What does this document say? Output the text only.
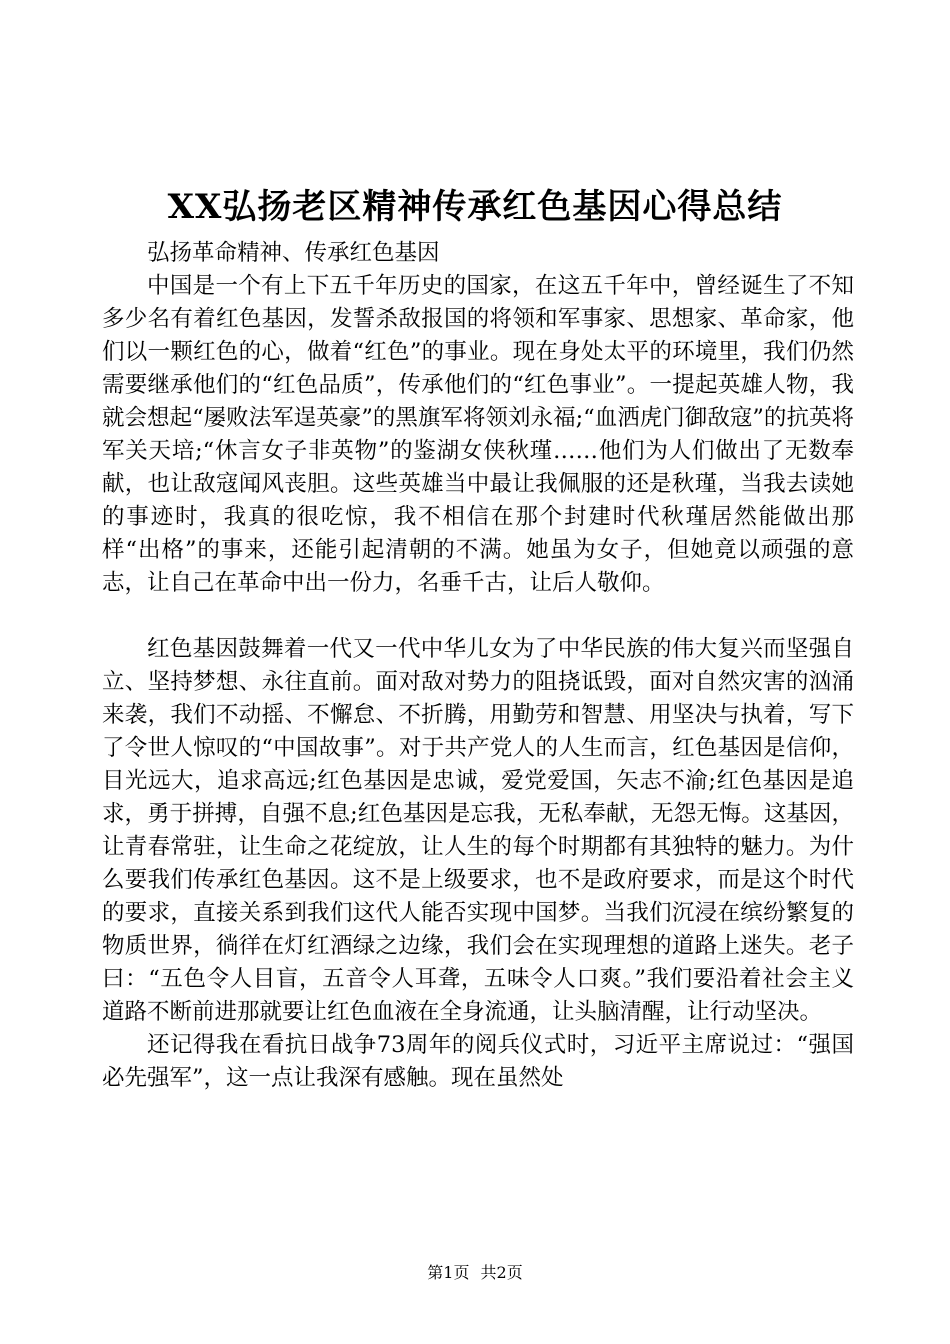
XX弘扬老区精神传承红色基因心得总结

弘扬革命精神、传承红色基因

中国是一个有上下五千年历史的国家，在这五千年中，曾经诞生了不知多少名有着红色基因，发誓杀敌报国的将领和军事家、思想家、革命家，他们以一颗红色的心，做着“红色”的事业。现在身处太平的环境里，我们仍然需要继承他们的“红色品质”，传承他们的“红色事业”。一提起英雄人物，我就会想起“屡败法军逞英豪”的黑旗军将领刘永福;“血洒虎门御敌寇”的抗英将军关天培;“休言女子非英物”的鉴湖女侠秋瑾……他们为人们做出了无数奉献，也让敌寇闻风丧胆。这些英雄当中最让我佩服的还是秋瑾，当我去读她的事迹时，我真的很吃惊，我不相信在那个封建时代秋瑾居然能做出那样“出格”的事来，还能引起清朝的不满。她虽为女子，但她竟以顽强的意志，让自己在革命中出一份力，名垂千古，让后人敬仰。

红色基因鼓舞着一代又一代中华儿女为了中华民族的伟大复兴而坚强自立、坚持梦想、永往直前。面对敌对势力的阻挠诋毁，面对自然灾害的汹涌来袭，我们不动摇、不懈怠、不折腾，用勤劳和智慧、用坚决与执着，写下了令世人惊叹的“中国故事”。对于共产党人的人生而言，红色基因是信仰，目光远大，追求高远;红色基因是忠诚，爱党爱国，矢志不渝;红色基因是追求，勇于拼搏，自强不息;红色基因是忘我，无私奉献，无怨无悔。这基因，让青春常驻，让生命之花绽放，让人生的每个时期都有其独特的魅力。为什么要我们传承红色基因。这不是上级要求，也不是政府要求，而是这个时代的要求，直接关系到我们这代人能否实现中国梦。当我们沉浸在缤纷繁复的物质世界，徜徉在灯红酒绿之边缘，我们会在实现理想的道路上迷失。老子曰：“五色令人目盲，五音令人耳聋，五味令人口爽。”我们要沿着社会主义道路不断前进那就要让红色血液在全身流通，让头脑清醒，让行动坚决。

还记得我在看抗日战争73周年的阅兵仪式时，习近平主席说过：“强国必先强军”，这一点让我深有感触。现在虽然处

第1页 共2页
